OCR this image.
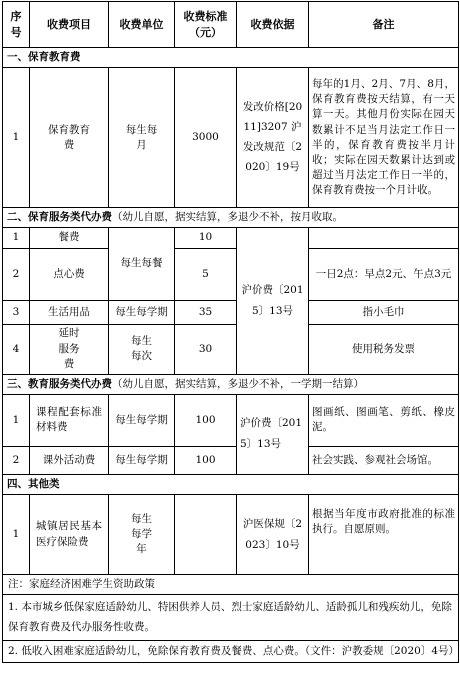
序号	收费项目	收费单位	收费标准（元）	收费依据	备注
一、保育教育费					
1	保育教育费	每生每月	3000	发改价格[2011]3207 沪发改规范〔2020〕19号	每年的1月、2月、7月、8月，保育教育费按天结算，有一天算一天。其他月份实际在园天数累计不足当月法定工作日一半的，保育教育费按半月计收；实际在园天数累计达到或超过当月法定工作日一半的，保育教育费按一个月计收。
二、保育服务类代办费（幼儿自愿，据实结算，多退少不补，按月收取。					
1	餐费	每生每餐	10	沪价费〔2015〕13号	
2	点心费		5		一日2点：早点2元、午点3元
3	生活用品	每生每学期	35		指小毛巾
4	延时服务费	每生每次	30		使用税务发票
三、教育服务类代办费（幼儿自愿，据实结算，多退少不补，一学期一结算）					
1	课程配套标准材料费	每生每学期	100	沪价费〔2015〕13号	图画纸、图画笔、剪纸、橡皮泥。
2	课外活动费	每生每学期	100		社会实践、参观社会场馆。
四、其他类					
1	城镇居民基本医疗保险费	每生每学年		沪医保规〔2023〕10号	根据当年度市政府批准的标准执行。自愿原则。
注：家庭经济困难学生资助政策					
1. 本市城乡低保家庭适龄幼儿、特困供养人员、烈士家庭适龄幼儿、适龄孤儿和残疾幼儿，免除保育教育费及代办服务性收费。					
2. 低收入困难家庭适龄幼儿，免除保育教育费及餐费、点心费。（文件：沪教委规〔2020〕4号）					
